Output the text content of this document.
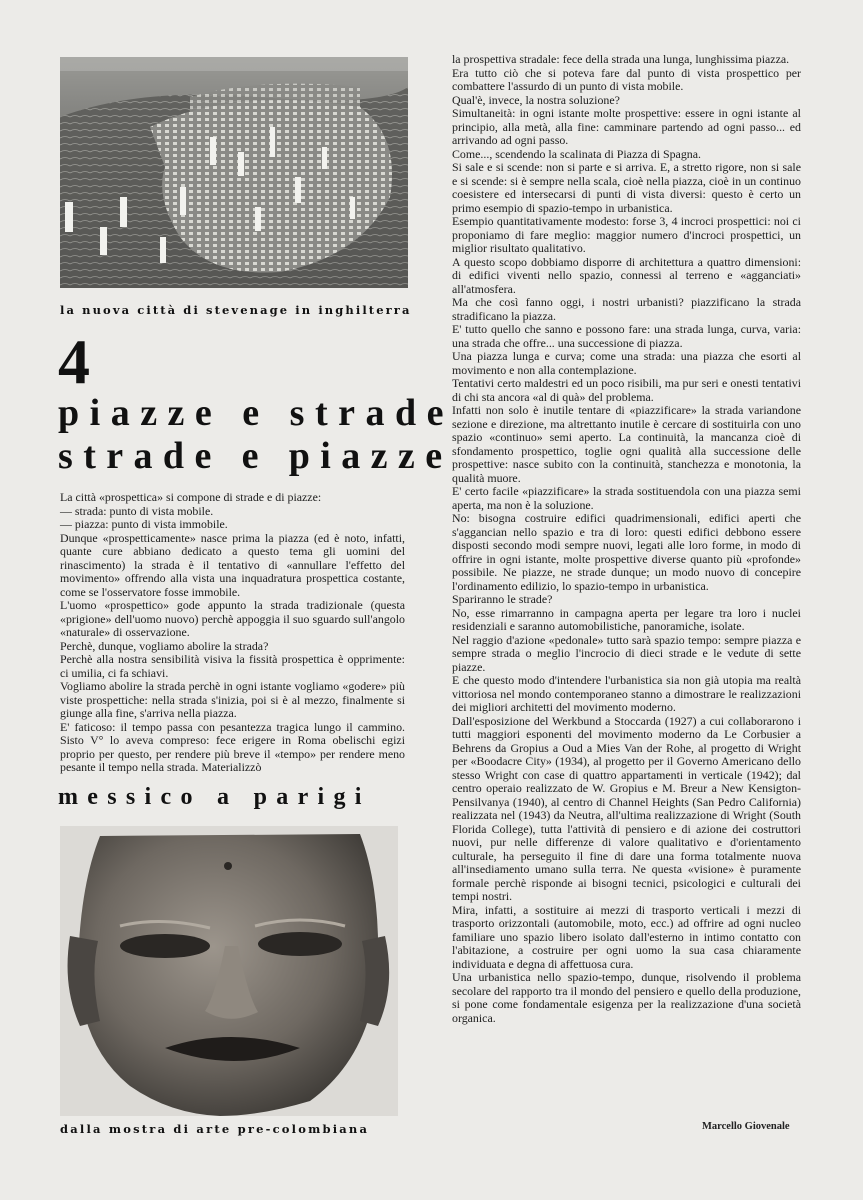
la nuova città di stevenage in inghilterra
4
piazze e strade
strade e piazze

La città «prospettica» si compone di strade e di piazze:

— strada: punto di vista mobile.

— piazza: punto di vista immobile.

Dunque «prospetticamente» nasce prima la piazza (ed è noto, infatti, quante cure abbiano dedicato a questo tema gli uomini del rinascimento) la strada è il tentativo di «annullare l'effetto del movimento» offrendo alla vista una inquadratura prospettica costante, come se l'osservatore fosse immobile.

L'uomo «prospettico» gode appunto la strada tradizionale (questa «prigione» dell'uomo nuovo) perchè appoggia il suo sguardo sull'angolo «naturale» di osservazione.

Perchè, dunque, vogliamo abolire la strada?

Perchè alla nostra sensibilità visiva la fissità prospettica è opprimente: ci umilia, ci fa schiavi.

Vogliamo abolire la strada perchè in ogni istante vogliamo «godere» più viste prospettiche: nella strada s'inizia, poi si è al mezzo, finalmente si giunge alla fine, s'arriva nella piazza.

E' faticoso: il tempo passa con pesantezza tragica lungo il cammino. Sisto V° lo aveva compreso: fece erigere in Roma obelischi egizi proprio per questo, per rendere più breve il «tempo» per rendere meno pesante il tempo nella strada. Materializzò

messico a parigi
dalla mostra di arte pre-colombiana

la prospettiva stradale: fece della strada una lunga, lunghissima piazza.

Era tutto ciò che si poteva fare dal punto di vista prospettico per combattere l'assurdo di un punto di vista mobile.

Qual'è, invece, la nostra soluzione?

Simultaneità: in ogni istante molte prospettive: essere in ogni istante al principio, alla metà, alla fine: camminare partendo ad ogni passo... ed arrivando ad ogni passo.

Come..., scendendo la scalinata di Piazza di Spagna.

Si sale e si scende: non si parte e si arriva. E, a stretto rigore, non si sale e si scende: si è sempre nella scala, cioè nella piazza, cioè in un continuo coesistere ed intersecarsi di punti di vista diversi: questo è certo un primo esempio di spazio-tempo in urbanistica.

Esempio quantitativamente modesto: forse 3, 4 incroci prospettici: noi ci proponiamo di fare meglio: maggior numero d'incroci prospettici, un miglior risultato qualitativo.

A questo scopo dobbiamo disporre di architettura a quattro dimensioni: di edifici viventi nello spazio, connessi al terreno e «agganciati» all'atmosfera.

Ma che così fanno oggi, i nostri urbanisti? piazzificano la strada stradificano la piazza.

E' tutto quello che sanno e possono fare: una strada lunga, curva, varia: una strada che offre... una successione di piazza.

Una piazza lunga e curva; come una strada: una piazza che esorti al movimento e non alla contemplazione.

Tentativi certo maldestri ed un poco risibili, ma pur seri e onesti tentativi di chi sta ancora «al di quà» del problema.

Infatti non solo è inutile tentare di «piazzificare» la strada variandone sezione e direzione, ma altrettanto inutile è cercare di sostituirla con uno spazio «continuo» semi aperto. La continuità, la mancanza cioè di sfondamento prospettico, toglie ogni qualità alla successione delle prospettive: nasce subito con la continuità, stanchezza e monotonia, la qualità muore.

E' certo facile «piazzificare» la strada sostituendola con una piazza semi aperta, ma non è la soluzione.

No: bisogna costruire edifici quadrimensionali, edifici aperti che s'aggancian nello spazio e tra di loro: questi edifici debbono essere disposti secondo modi sempre nuovi, legati alle loro forme, in modo di offrire in ogni istante, molte prospettive diverse quanto più «profonde» possibile. Ne piazze, ne strade dunque; un modo nuovo di concepire l'ordinamento edilizio, lo spazio-tempo in urbanistica.

Spariranno le strade?

No, esse rimarranno in campagna aperta per legare tra loro i nuclei residenziali e saranno automobilistiche, panoramiche, isolate.

Nel raggio d'azione «pedonale» tutto sarà spazio tempo: sempre piazza e sempre strada o meglio l'incrocio di dieci strade e le vedute di sette piazze.

E che questo modo d'intendere l'urbanistica sia non già utopia ma realtà vittoriosa nel mondo contemporaneo stanno a dimostrare le realizzazioni dei migliori architetti del movimento moderno.

Dall'esposizione del Werkbund a Stoccarda (1927) a cui collaborarono i tutti maggiori esponenti del movimento moderno da Le Corbusier a Behrens da Gropius a Oud a Mies Van der Rohe, al progetto di Wright per «Boodacre City» (1934), al progetto per il Governo Americano dello stesso Wright con case di quattro appartamenti in verticale (1942); dal centro operaio realizzato de W. Gropius e M. Breur a New Kensigton-Pensilvanya (1940), al centro di Channel Heights (San Pedro California) realizzata nel (1943) da Neutra, all'ultima realizzazione di Wright (South Florida College), tutta l'attività di pensiero e di azione dei costruttori nuovi, pur nelle differenze di valore qualitativo e d'orientamento culturale, ha perseguito il fine di dare una forma totalmente nuova all'insediamento umano sulla terra. Ne questa «visione» è puramente formale perchè risponde ai bisogni tecnici, psicologici e culturali dei tempi nostri.

Mira, infatti, a sostituire ai mezzi di trasporto verticali i mezzi di trasporto orizzontali (automobile, moto, ecc.) ad offrire ad ogni nucleo familiare uno spazio libero isolato dall'esterno in intimo contatto con l'abitazione, a costruire per ogni uomo la sua casa chiaramente individuata e degna di affettuosa cura.

Una urbanistica nello spazio-tempo, dunque, risolvendo il problema secolare del rapporto tra il mondo del pensiero e quello della produzione, si pone come fondamentale esigenza per la realizzazione d'una società organica.

Marcello Giovenale
